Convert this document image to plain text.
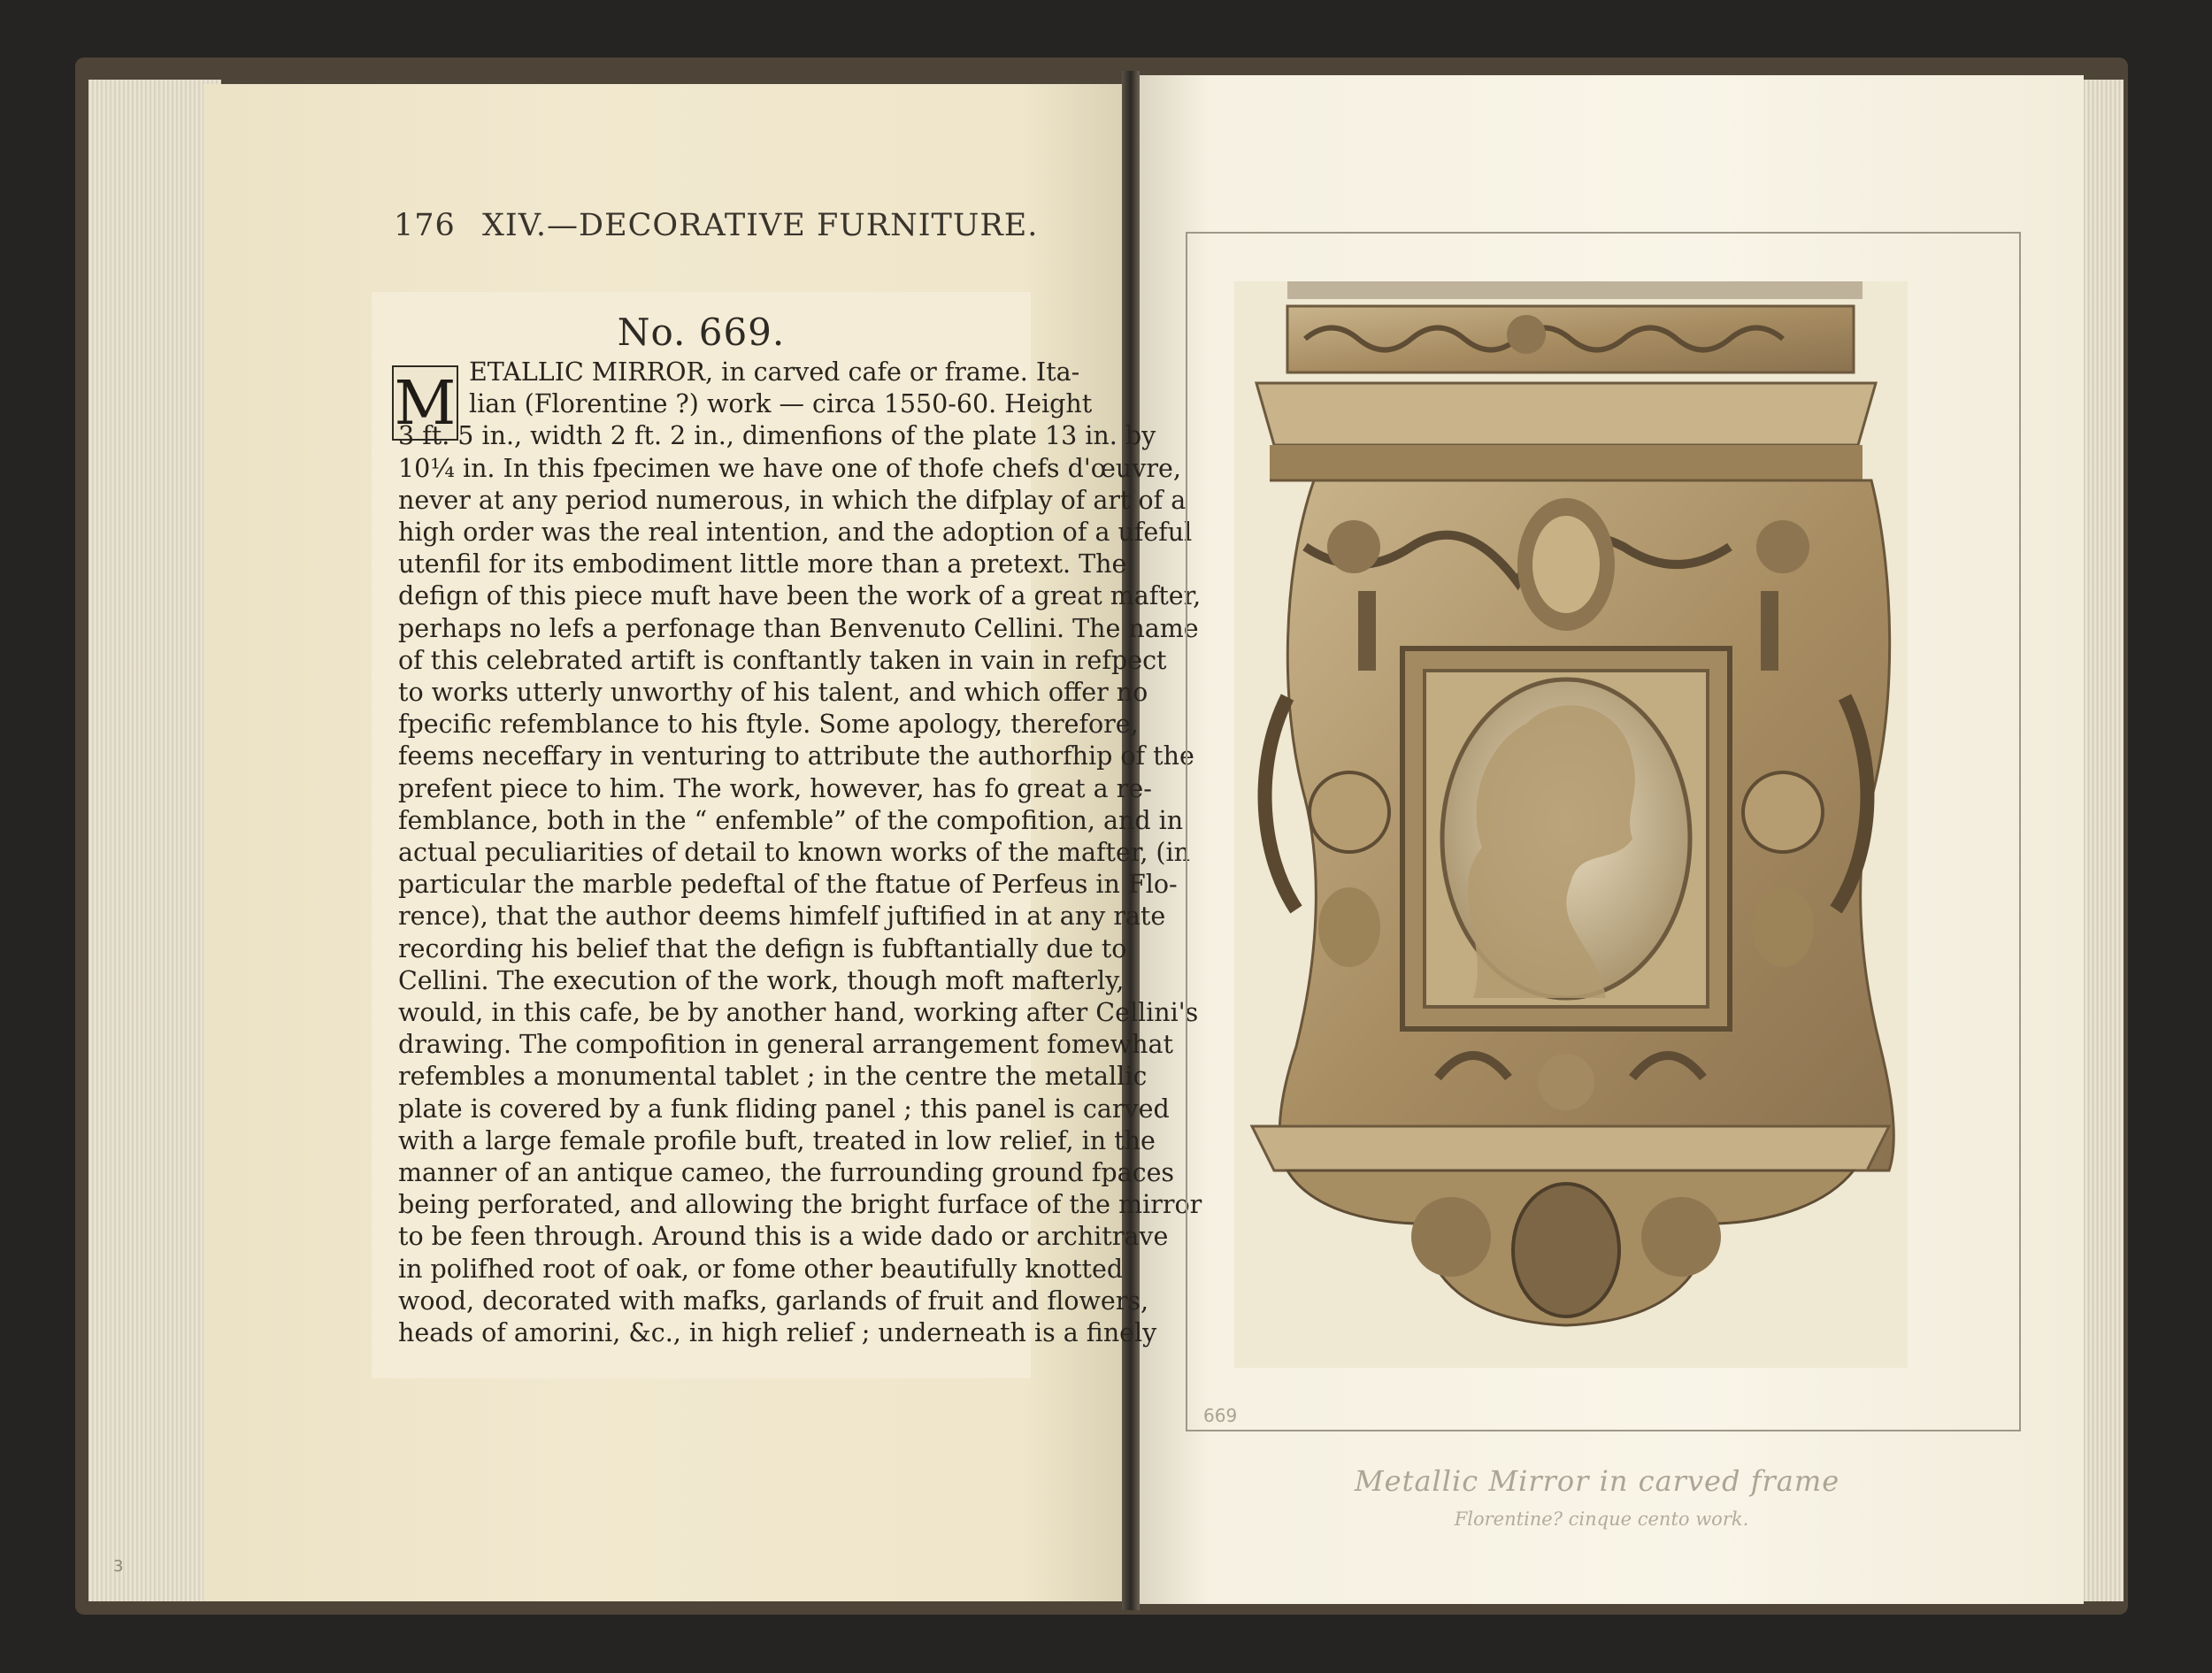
176 XIV.—DECORATIVE FURNITURE.
No. 669.
M ETALLIC MIRROR, in carved cafe or frame. Ita-
lian (Florentine ?) work — circa 1550-60. Height
3 ft. 5 in., width 2 ft. 2 in., dimenfions of the plate 13 in. by
10¼ in. In this fpecimen we have one of thofe chefs d'œuvre,
never at any period numerous, in which the difplay of art of a
high order was the real intention, and the adoption of a ufeful
utenfil for its embodiment little more than a pretext. The
defign of this piece muft have been the work of a great mafter,
perhaps no lefs a perfonage than Benvenuto Cellini. The name
of this celebrated artift is conftantly taken in vain in refpect
to works utterly unworthy of his talent, and which offer no
fpecific refemblance to his ftyle. Some apology, therefore,
feems neceffary in venturing to attribute the authorfhip of the
prefent piece to him. The work, however, has fo great a re-
femblance, both in the “ enfemble” of the compofition, and in
actual peculiarities of detail to known works of the mafter, (in
particular the marble pedeftal of the ftatue of Perfeus in Flo-
rence), that the author deems himfelf juftified in at any rate
recording his belief that the defign is fubftantially due to
Cellini. The execution of the work, though moft mafterly,
would, in this cafe, be by another hand, working after Cellini's
drawing. The compofition in general arrangement fomewhat
refembles a monumental tablet ; in the centre the metallic
plate is covered by a funk fliding panel ; this panel is carved
with a large female profile buft, treated in low relief, in the
manner of an antique cameo, the furrounding ground fpaces
being perforated, and allowing the bright furface of the mirror
to be feen through. Around this is a wide dado or architrave
in polifhed root of oak, or fome other beautifully knotted
wood, decorated with mafks, garlands of fruit and flowers,
heads of amorini, &c., in high relief ; underneath is a finely
3
669
Metallic Mirror in carved frame
Florentine? cinque cento work.
